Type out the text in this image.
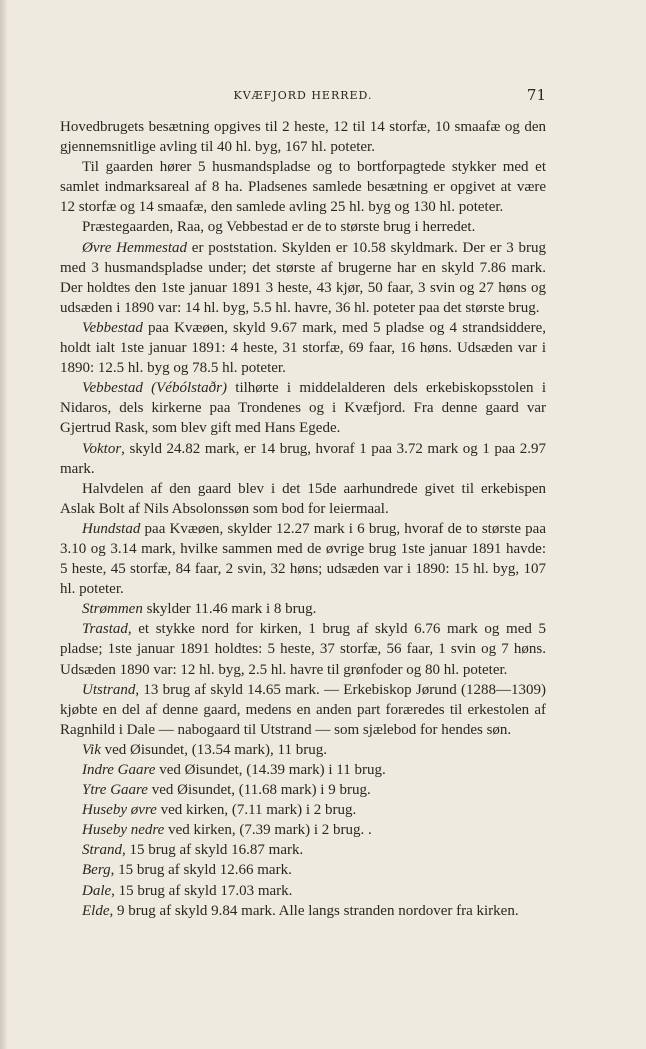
KVÆFJORD HERRED.	71

Hovedbrugets besætning opgives til 2 heste, 12 til 14 storfæ, 10 smaafæ og den gjennemsnitlige avling til 40 hl. byg, 167 hl. poteter.

Til gaarden hører 5 husmandspladse og to bortforpagtede stykker med et samlet indmarksareal af 8 ha. Pladsenes samlede besætning er opgivet at være 12 storfæ og 14 smaafæ, den samlede avling 25 hl. byg og 130 hl. poteter.

Præstegaarden, Raa, og Vebbestad er de to største brug i herredet.

Øvre Hemmestad er poststation. Skylden er 10.58 skyldmark. Der er 3 brug med 3 husmandspladse under; det største af brugerne har en skyld 7.86 mark. Der holdtes den 1ste januar 1891 3 heste, 43 kjør, 50 faar, 3 svin og 27 høns og udsæden i 1890 var: 14 hl. byg, 5.5 hl. havre, 36 hl. poteter paa det største brug.

Vebbestad paa Kvæøen, skyld 9.67 mark, med 5 pladse og 4 strandsiddere, holdt ialt 1ste januar 1891: 4 heste, 31 storfæ, 69 faar, 16 høns. Udsæden var i 1890: 12.5 hl. byg og 78.5 hl. poteter.

Vebbestad (Vébólstaðr) tilhørte i middelalderen dels erkebiskopsstolen i Nidaros, dels kirkerne paa Trondenes og i Kvæfjord. Fra denne gaard var Gjertrud Rask, som blev gift med Hans Egede.

Voktor, skyld 24.82 mark, er 14 brug, hvoraf 1 paa 3.72 mark og 1 paa 2.97 mark.

Halvdelen af den gaard blev i det 15de aarhundrede givet til erkebispen Aslak Bolt af Nils Absolonssøn som bod for leiermaal.

Hundstad paa Kvæøen, skylder 12.27 mark i 6 brug, hvoraf de to største paa 3.10 og 3.14 mark, hvilke sammen med de øvrige brug 1ste januar 1891 havde: 5 heste, 45 storfæ, 84 faar, 2 svin, 32 høns; udsæden var i 1890: 15 hl. byg, 107 hl. poteter.

Strømmen skylder 11.46 mark i 8 brug.

Trastad, et stykke nord for kirken, 1 brug af skyld 6.76 mark og med 5 pladse; 1ste januar 1891 holdtes: 5 heste, 37 storfæ, 56 faar, 1 svin og 7 høns. Udsæden 1890 var: 12 hl. byg, 2.5 hl. havre til grønfoder og 80 hl. poteter.

Utstrand, 13 brug af skyld 14.65 mark. — Erkebiskop Jørund (1288—1309) kjøbte en del af denne gaard, medens en anden part foræredes til erkestolen af Ragnhild i Dale — nabogaard til Utstrand — som sjælebod for hendes søn.

Vik ved Øisundet, (13.54 mark), 11 brug.

Indre Gaare ved Øisundet, (14.39 mark) i 11 brug.

Ytre Gaare ved Øisundet, (11.68 mark) i 9 brug.

Huseby øvre ved kirken, (7.11 mark) i 2 brug.

Huseby nedre ved kirken, (7.39 mark) i 2 brug. .

Strand, 15 brug af skyld 16.87 mark.

Berg, 15 brug af skyld 12.66 mark.

Dale, 15 brug af skyld 17.03 mark.

Elde, 9 brug af skyld 9.84 mark. Alle langs stranden nordover fra kirken.
